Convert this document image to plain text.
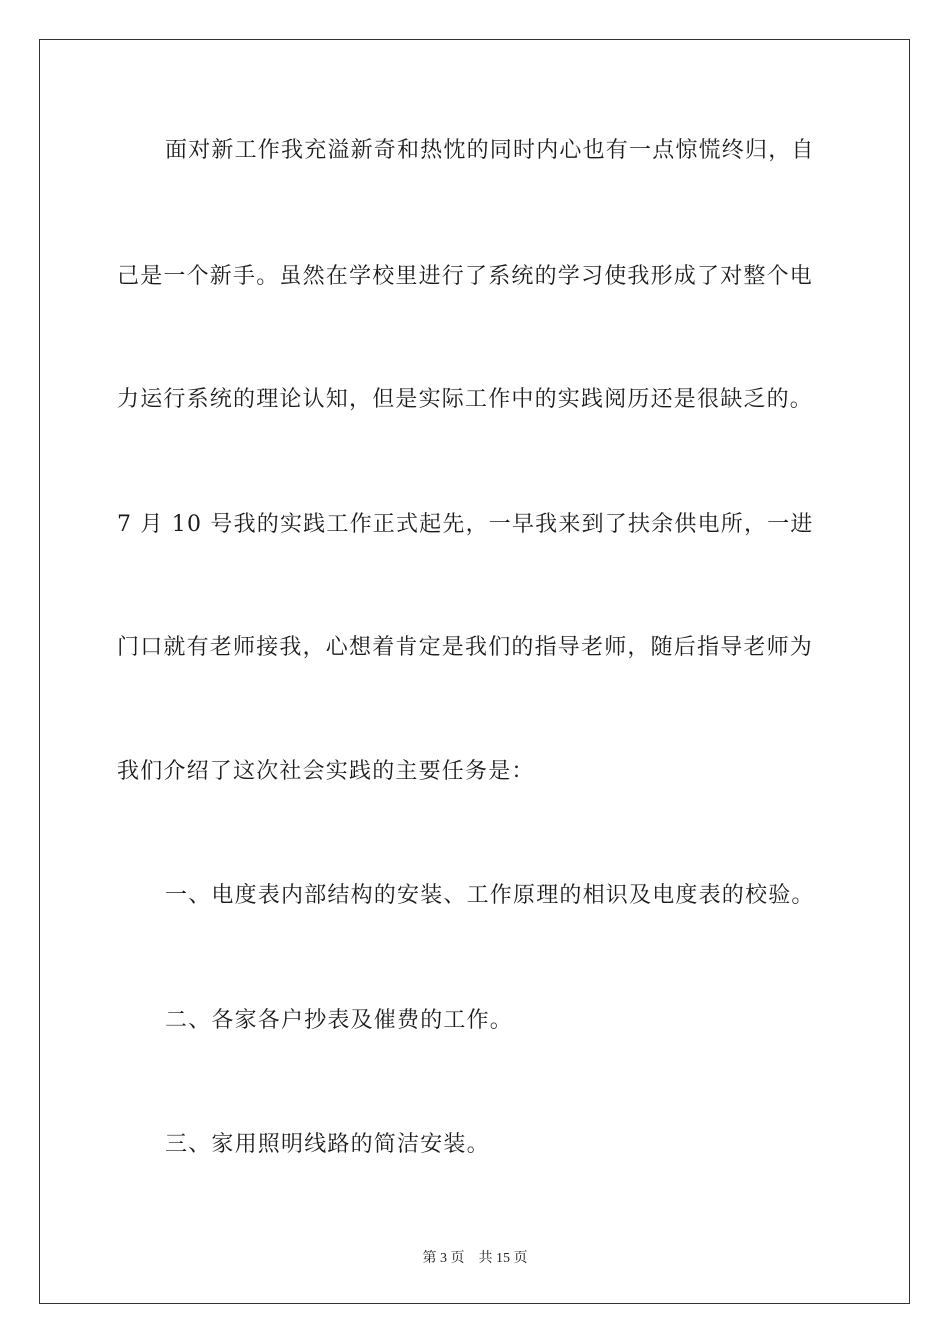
面对新工作我充溢新奇和热忱的同时内心也有一点惊慌终归，自
己是一个新手。虽然在学校里进行了系统的学习使我形成了对整个电
力运行系统的理论认知，但是实际工作中的实践阅历还是很缺乏的。
7 月 10 号我的实践工作正式起先，一早我来到了扶余供电所，一进
门口就有老师接我，心想着肯定是我们的指导老师，随后指导老师为
我们介绍了这次社会实践的主要任务是：
一、电度表内部结构的安装、工作原理的相识及电度表的校验。
二、各家各户抄表及催费的工作。
三、家用照明线路的简洁安装。
第 3 页 共 15 页
